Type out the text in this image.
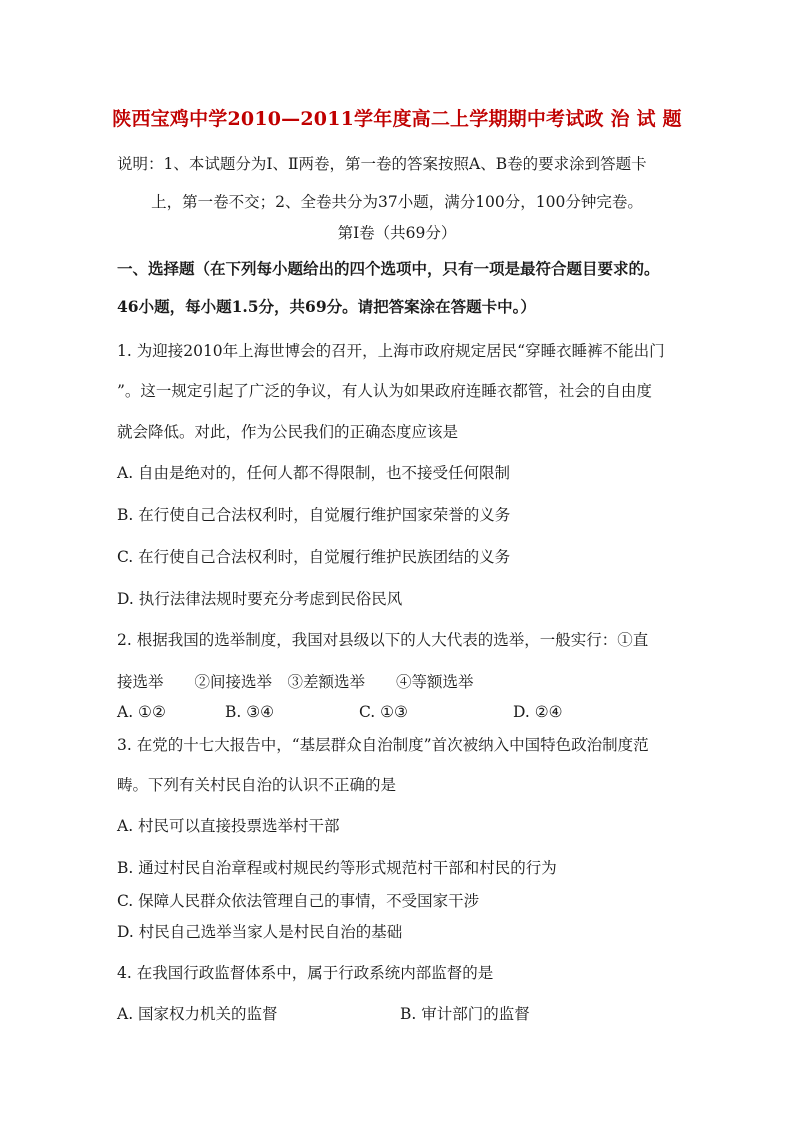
陕西宝鸡中学2010—2011学年度高二上学期期中考试政 治 试 题
说明：1、本试题分为Ⅰ、Ⅱ两卷，第一卷的答案按照A、B卷的要求涂到答题卡
上，第一卷不交；2、全卷共分为37小题，满分100分，100分钟完卷。
第Ⅰ卷（共69分）
一、选择题（在下列每小题给出的四个选项中，只有一项是最符合题目要求的。
46小题，每小题1.5分，共69分。请把答案涂在答题卡中。）
1. 为迎接2010年上海世博会的召开，上海市政府规定居民“穿睡衣睡裤不能出门
”。这一规定引起了广泛的争议，有人认为如果政府连睡衣都管，社会的自由度
就会降低。对此，作为公民我们的正确态度应该是
A. 自由是绝对的，任何人都不得限制，也不接受任何限制
B. 在行使自己合法权利时，自觉履行维护国家荣誉的义务
C. 在行使自己合法权利时，自觉履行维护民族团结的义务
D. 执行法律法规时要充分考虑到民俗民风
2. 根据我国的选举制度，我国对县级以下的人大代表的选举，一般实行：①直
接选举　　②间接选举　③差额选举　　④等额选举
A. ①②	B. ③④	C. ①③	D. ②④
3. 在党的十七大报告中，“基层群众自治制度”首次被纳入中国特色政治制度范
畴。下列有关村民自治的认识不正确的是
A. 村民可以直接投票选举村干部
B. 通过村民自治章程或村规民约等形式规范村干部和村民的行为
C. 保障人民群众依法管理自己的事情，不受国家干涉
D. 村民自己选举当家人是村民自治的基础
4. 在我国行政监督体系中，属于行政系统内部监督的是
A. 国家权力机关的监督	B. 审计部门的监督
